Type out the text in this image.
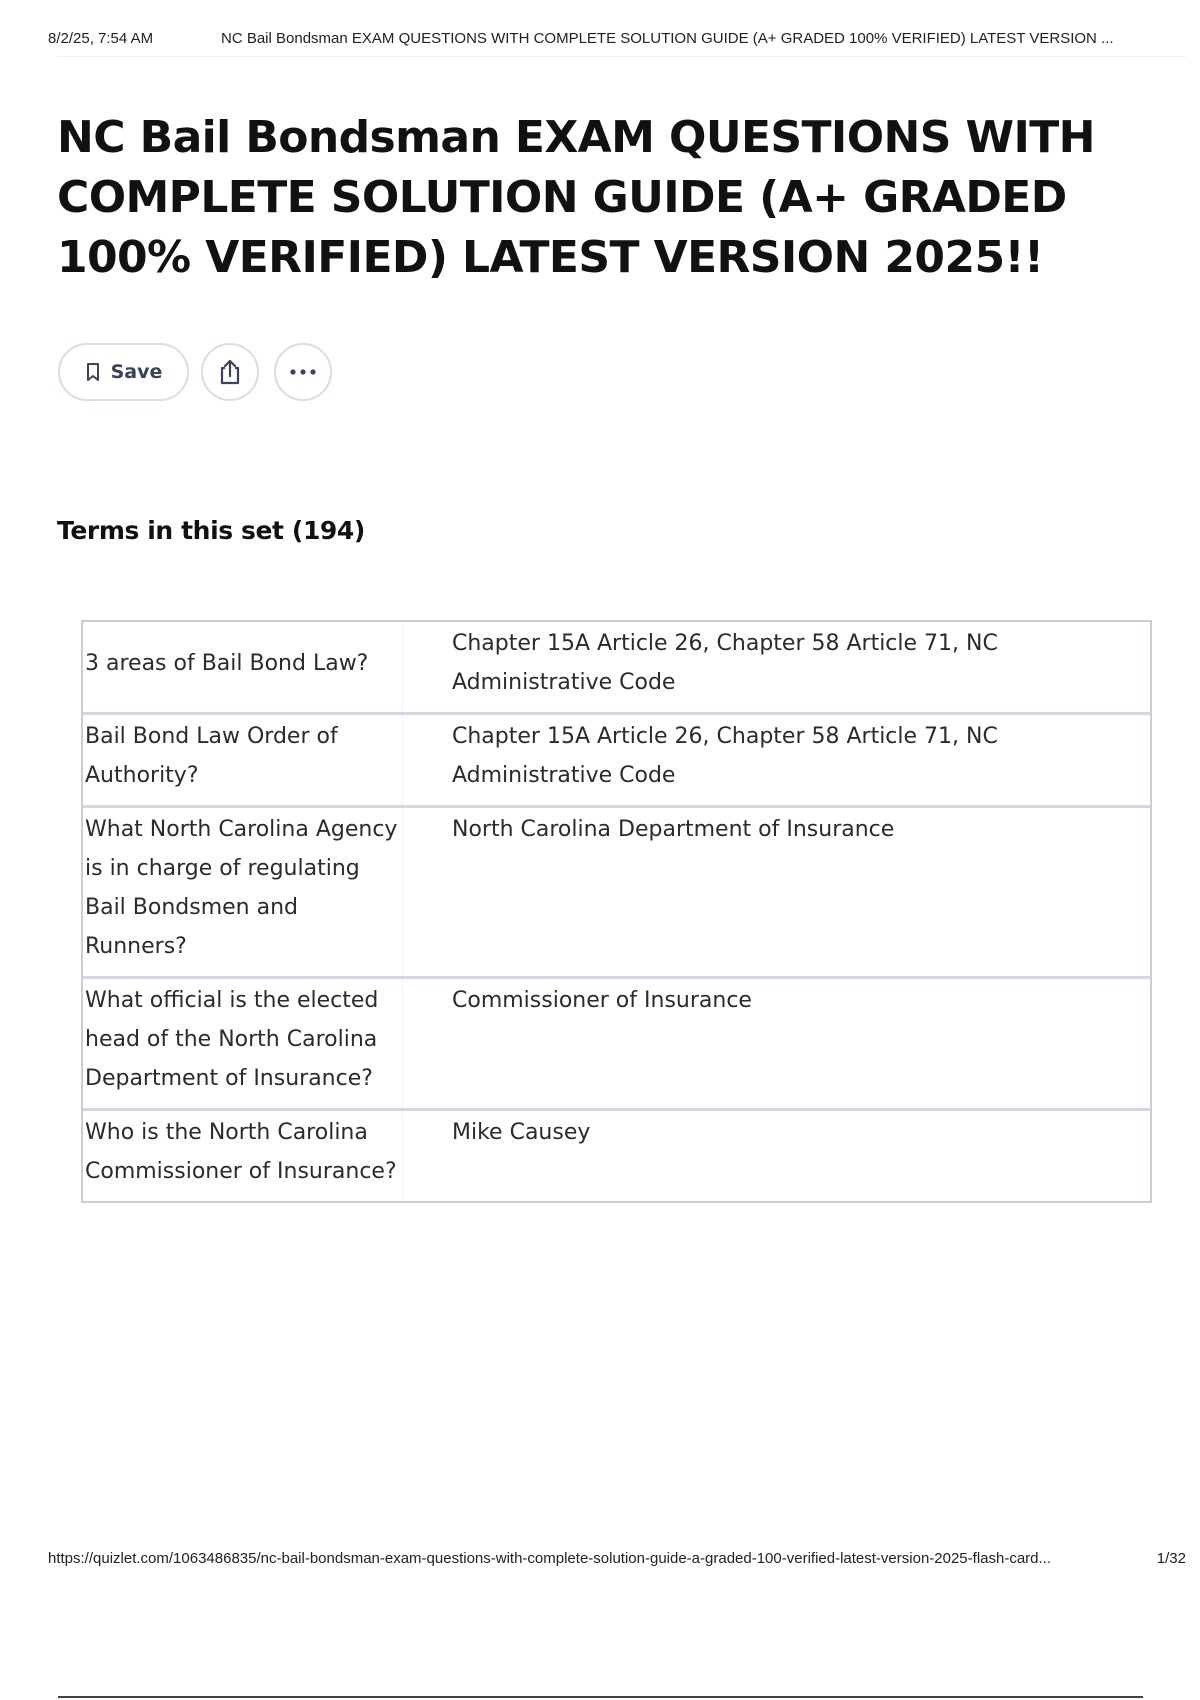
8/2/25, 7:54 AM	NC Bail Bondsman EXAM QUESTIONS WITH COMPLETE SOLUTION GUIDE (A+ GRADED 100% VERIFIED) LATEST VERSION ...
NC Bail Bondsman EXAM QUESTIONS WITH COMPLETE SOLUTION GUIDE (A+ GRADED 100% VERIFIED) LATEST VERSION 2025!!
Save
Terms in this set (194)
3 areas of Bail Bond Law?
Chapter 15A Article 26, Chapter 58 Article 71, NC Administrative Code
Bail Bond Law Order of Authority?
Chapter 15A Article 26, Chapter 58 Article 71, NC Administrative Code
What North Carolina Agency is in charge of regulating Bail Bondsmen and Runners?
North Carolina Department of Insurance
What official is the elected head of the North Carolina Department of Insurance?
Commissioner of Insurance
Who is the North Carolina Commissioner of Insurance?
Mike Causey
https://quizlet.com/1063486835/nc-bail-bondsman-exam-questions-with-complete-solution-guide-a-graded-100-verified-latest-version-2025-flash-card...	1/32
